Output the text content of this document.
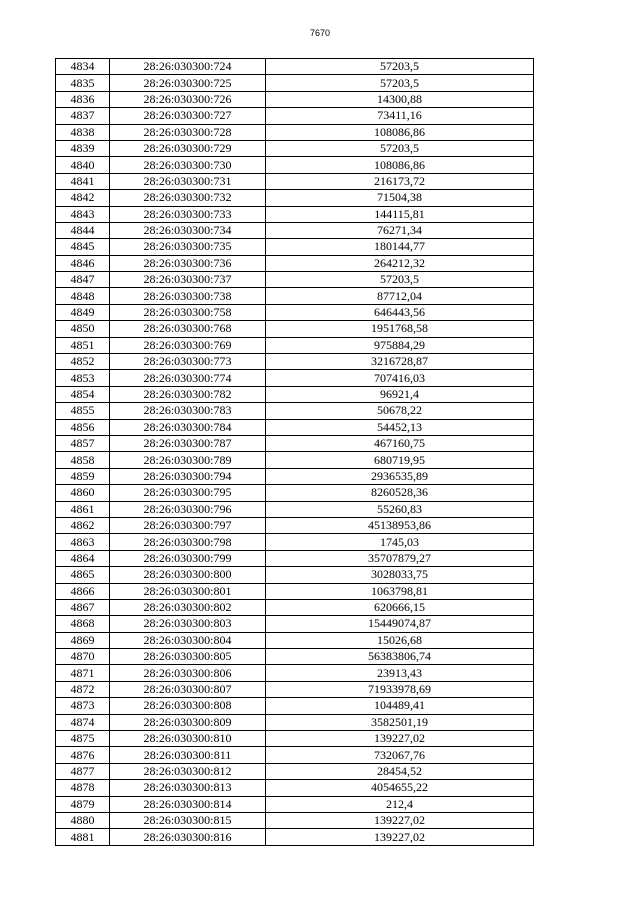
7670
4834	28:26:030300:724	57203,5
4835	28:26:030300:725	57203,5
4836	28:26:030300:726	14300,88
4837	28:26:030300:727	73411,16
4838	28:26:030300:728	108086,86
4839	28:26:030300:729	57203,5
4840	28:26:030300:730	108086,86
4841	28:26:030300:731	216173,72
4842	28:26:030300:732	71504,38
4843	28:26:030300:733	144115,81
4844	28:26:030300:734	76271,34
4845	28:26:030300:735	180144,77
4846	28:26:030300:736	264212,32
4847	28:26:030300:737	57203,5
4848	28:26:030300:738	87712,04
4849	28:26:030300:758	646443,56
4850	28:26:030300:768	1951768,58
4851	28:26:030300:769	975884,29
4852	28:26:030300:773	3216728,87
4853	28:26:030300:774	707416,03
4854	28:26:030300:782	96921,4
4855	28:26:030300:783	50678,22
4856	28:26:030300:784	54452,13
4857	28:26:030300:787	467160,75
4858	28:26:030300:789	680719,95
4859	28:26:030300:794	2936535,89
4860	28:26:030300:795	8260528,36
4861	28:26:030300:796	55260,83
4862	28:26:030300:797	45138953,86
4863	28:26:030300:798	1745,03
4864	28:26:030300:799	35707879,27
4865	28:26:030300:800	3028033,75
4866	28:26:030300:801	1063798,81
4867	28:26:030300:802	620666,15
4868	28:26:030300:803	15449074,87
4869	28:26:030300:804	15026,68
4870	28:26:030300:805	56383806,74
4871	28:26:030300:806	23913,43
4872	28:26:030300:807	71933978,69
4873	28:26:030300:808	104489,41
4874	28:26:030300:809	3582501,19
4875	28:26:030300:810	139227,02
4876	28:26:030300:811	732067,76
4877	28:26:030300:812	28454,52
4878	28:26:030300:813	4054655,22
4879	28:26:030300:814	212,4
4880	28:26:030300:815	139227,02
4881	28:26:030300:816	139227,02
